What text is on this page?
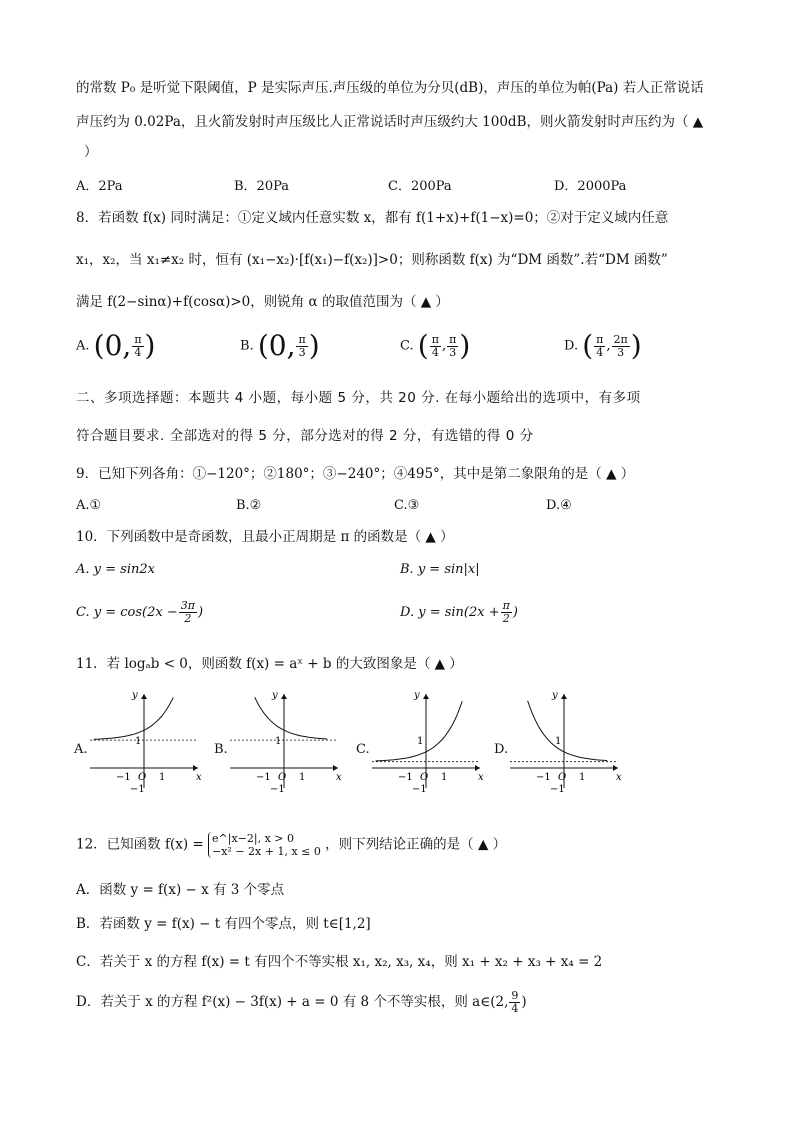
的常数 P₀ 是听觉下限阈值，P 是实际声压.声压级的单位为分贝(dB)，声压的单位为帕(Pa) 若人正常说话
声压约为 0.02Pa，且火箭发射时声压级比人正常说话时声压级约大 100dB，则火箭发射时声压约为（ ▲
）
A．2Pa	B．20Pa	C．200Pa	D．2000Pa
8．若函数 f(x) 同时满足：①定义域内任意实数 x，都有 f(1+x)+f(1−x)=0；②对于定义域内任意
x₁，x₂，当 x₁≠x₂ 时，恒有 (x₁−x₂)·[f(x₁)−f(x₂)]>0；则称函数 f(x) 为“DM 函数”.若“DM 函数”
满足 f(2−sinα)+f(cosα)>0，则锐角 α 的取值范围为（ ▲ ）
A. (0, $\frac{\pi}{4}$ )	B. (0, $\frac{\pi}{3}$ )	C. ( $\frac{\pi}{4}$ , $\frac{\pi}{3}$ )	D. ( $\frac{\pi}{4}$ , $\frac{2\pi}{3}$ )
二、多项选择题：本题共 4 小题，每小题 5 分，共 20 分. 在每小题给出的选项中，有多项
符合题目要求. 全部选对的得 5 分，部分选对的得 2 分，有选错的得 0 分
9．已知下列各角：①−120°；②180°；③−240°；④495°，其中是第二象限角的是（ ▲ ）
A.①	B.②	C.③	D.④
10．下列函数中是奇函数，且最小正周期是 π 的函数是（ ▲ ）
A. y = sin2x	B. y = sin|x|
C. $y = \cos(2x - \frac{3\pi}{2}$ )	D. $y = \sin(2x + \frac{\pi}{2}$ )
11．若 logₐb < 0，则函数 f(x) = aˣ + b 的大致图象是（ ▲ ）
A.
y
x
1
1
−1 O
−1
B.
y
x
1
1
−1 O
−1
C.
y
x
1
1
−1 O
−1
D.
y
x
1
1
−1 O
−1
12．已知函数 f(x) = e^|x−2|, x > 0
−x² − 2x + 1, x ≤ 0 ，则下列结论正确的是（ ▲ ）
A．函数 y = f(x) − x 有 3 个零点
B．若函数 y = f(x) − t 有四个零点，则 t∈[1,2]
C．若关于 x 的方程 f(x) = t 有四个不等实根 x₁, x₂, x₃, x₄，则 x₁ + x₂ + x₃ + x₄ = 2
D．若关于 x 的方程 f²(x) − 3f(x) + a = 0 有 8 个不等实根，则 a∈(2, $\frac{9}{4}$ )
